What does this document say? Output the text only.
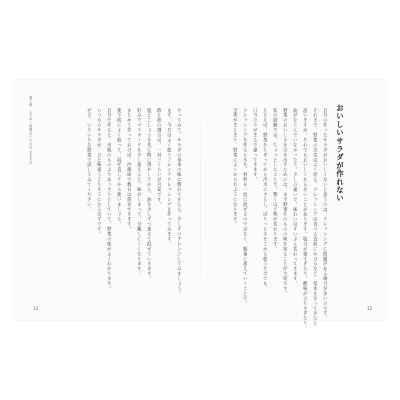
第１章　より早く料理がいただけるすすむ	おいしいサラダが作れない
自分の作ったサラダがおいしくないと思うのは、ドレッシングに問題がある場合が多いのです。
それまで、野菜の水気はよく切る、ドレッシングは食べる直前にかけるなど、基本を守ってきたと
思いますが、それでもおいしくならないことがあります。塩分が強すぎたり、酸味が立ちすぎたり、
油がなじんでいなかったり。少しの違いで、味わいはずいぶん変わってきます。
野菜のおいしさを引き出すためには、まず野菜そのものの味を知ることが大切です。
私の経験では、ちょっとしたことで、驚くほど味が変わります。
たとえば、野菜をちぎってから冷水にさらし、ぱりっとさせてから使うだけでも、
口当たりがまるで違ってきます。
ドレッシングを作るときも、材料を一度に混ぜるのではなく、順番に加えていくことで、
全体がまとまり、野菜によくからむようになります。
やってみて、サラダの基本の味に慣れてきたら、少しずつアレンジしてみましょう。
まず、今日はよく使うフレンチドレッシングを作ってみます。
酢と油の割合は、一対三くらいが目安です。
塩とこしょうを先に酢に溶かしてから、油を少しずつ加えて混ぜていきます。
好みでマスタードを少し加えると、味がしまって、分離しにくくなります。
まとめて作っておけば、冷蔵庫で数日は保存できます。
使う前によく振って、混ぜ直してから使いましょう。
自分で作ると、市販のものよりあっさりとしていて、野菜の味がよくわかります。
いつものサラダが、ひと味違うごちそうになるはずです。
ぜひ、いろいろな野菜で試してみてください。
13	12
